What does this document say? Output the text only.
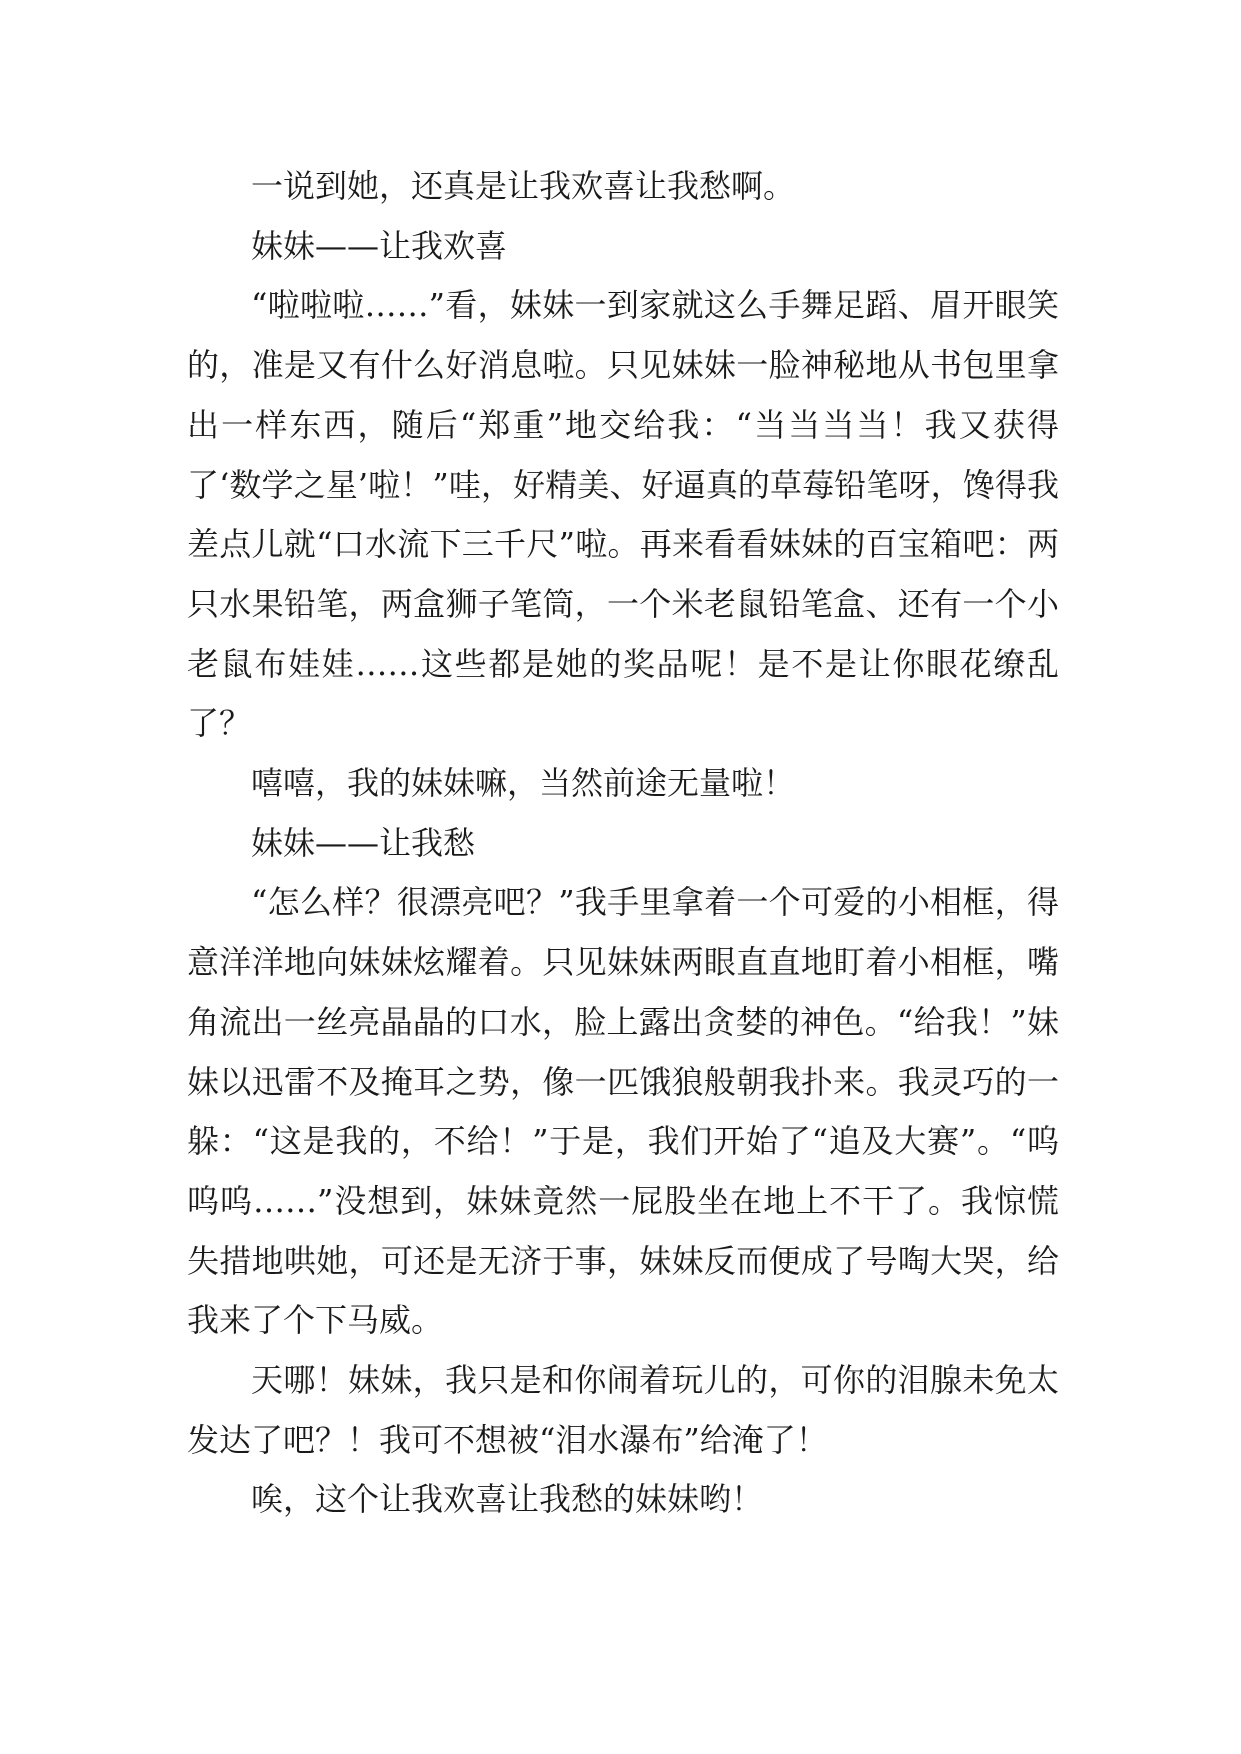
一说到她，还真是让我欢喜让我愁啊。

妹妹——让我欢喜

“啦啦啦……”看，妹妹一到家就这么手舞足蹈、眉开眼笑的，准是又有什么好消息啦。只见妹妹一脸神秘地从书包里拿出一样东西，随后“郑重”地交给我：“当当当当！我又获得了‘数学之星’啦！”哇，好精美、好逼真的草莓铅笔呀，馋得我差点儿就“口水流下三千尺”啦。再来看看妹妹的百宝箱吧：两只水果铅笔，两盒狮子笔筒，一个米老鼠铅笔盒、还有一个小老鼠布娃娃……这些都是她的奖品呢！是不是让你眼花缭乱了？

嘻嘻，我的妹妹嘛，当然前途无量啦！

妹妹——让我愁

“怎么样？很漂亮吧？”我手里拿着一个可爱的小相框，得意洋洋地向妹妹炫耀着。只见妹妹两眼直直地盯着小相框，嘴角流出一丝亮晶晶的口水，脸上露出贪婪的神色。“给我！”妹妹以迅雷不及掩耳之势，像一匹饿狼般朝我扑来。我灵巧的一躲：“这是我的，不给！”于是，我们开始了“追及大赛”。“呜呜呜……”没想到，妹妹竟然一屁股坐在地上不干了。我惊慌失措地哄她，可还是无济于事，妹妹反而便成了号啕大哭，给我来了个下马威。

天哪！妹妹，我只是和你闹着玩儿的，可你的泪腺未免太发达了吧？！我可不想被“泪水瀑布”给淹了！

唉，这个让我欢喜让我愁的妹妹哟！
